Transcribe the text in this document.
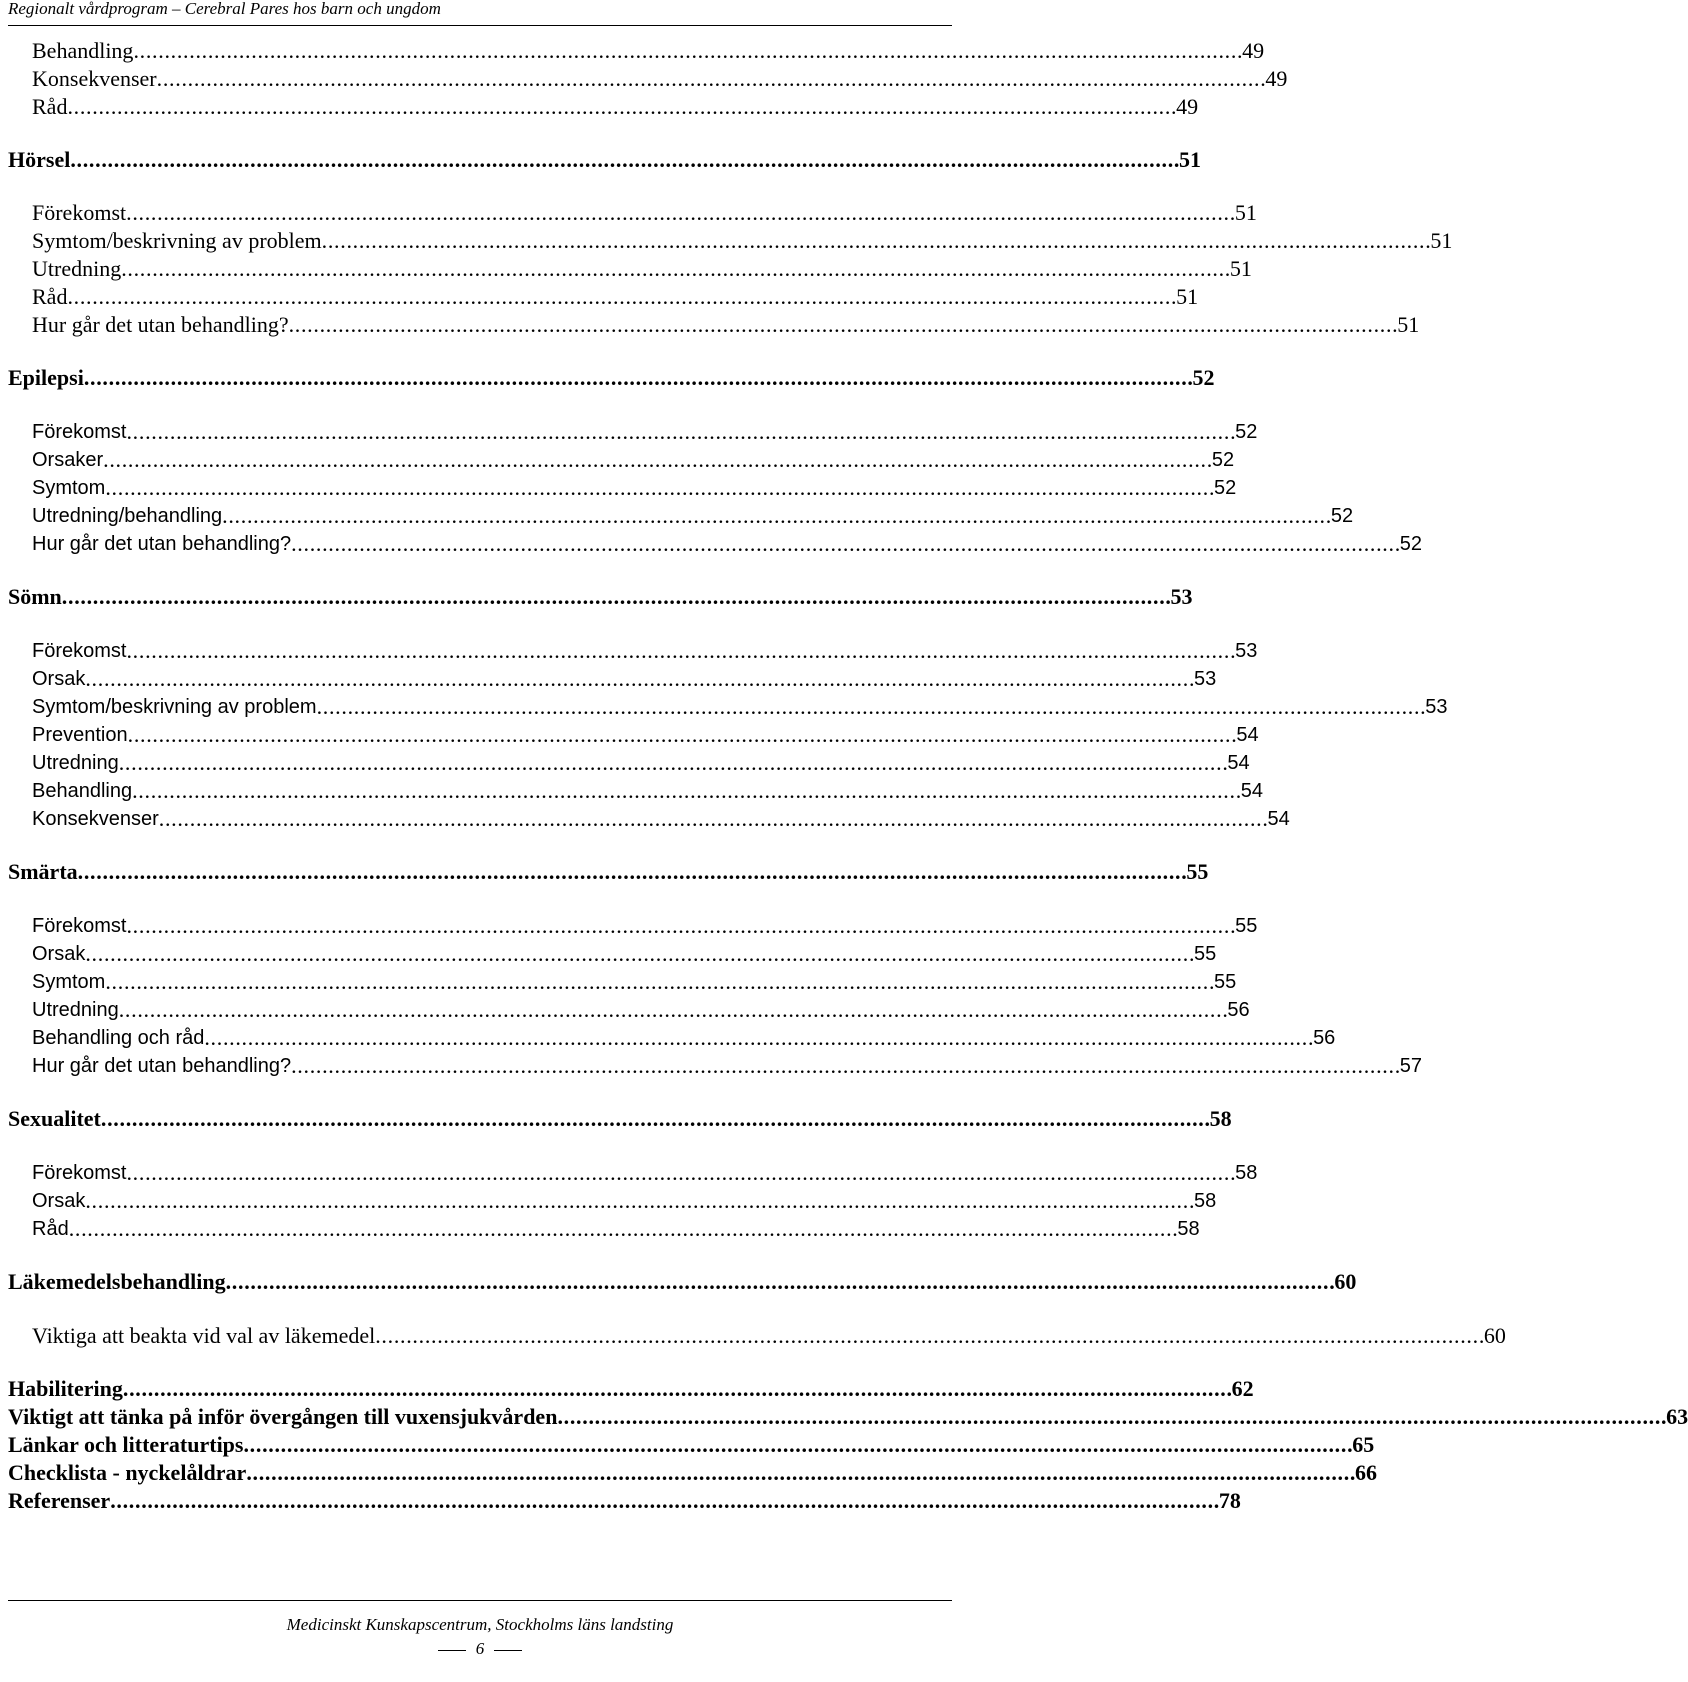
Regionalt vårdprogram – Cerebral Pares hos barn och ungdom
Behandling . . .	49
Konsekvenser . . .	49
Råd . . .	49
Hörsel . . .	51
Förekomst . . .	51
Symtom/beskrivning av problem . . .	51
Utredning . . .	51
Råd . . .	51
Hur går det utan behandling? . . .	51
Epilepsi . . .	52
Förekomst . . .	52
Orsaker . . .	52
Symtom . . .	52
Utredning/behandling . . .	52
Hur går det utan behandling? . . .	52
Sömn . . .	53
Förekomst . . .	53
Orsak . . .	53
Symtom/beskrivning av problem . . .	53
Prevention . . .	54
Utredning . . .	54
Behandling . . .	54
Konsekvenser . . .	54
Smärta . . .	55
Förekomst . . .	55
Orsak . . .	55
Symtom . . .	55
Utredning . . .	56
Behandling och råd . . .	56
Hur går det utan behandling? . . .	57
Sexualitet . . .	58
Förekomst . . .	58
Orsak . . .	58
Råd . . .	58
Läkemedelsbehandling . . .	60
Viktiga att beakta vid val av läkemedel . . .	60
Habilitering . . .	62
Viktigt att tänka på inför övergången till vuxensjukvården . . .	63
Länkar och litteraturtips . . .	65
Checklista - nyckelåldrar . . .	66
Referenser . . .	78
Medicinskt Kunskapscentrum, Stockholms läns landsting
6
